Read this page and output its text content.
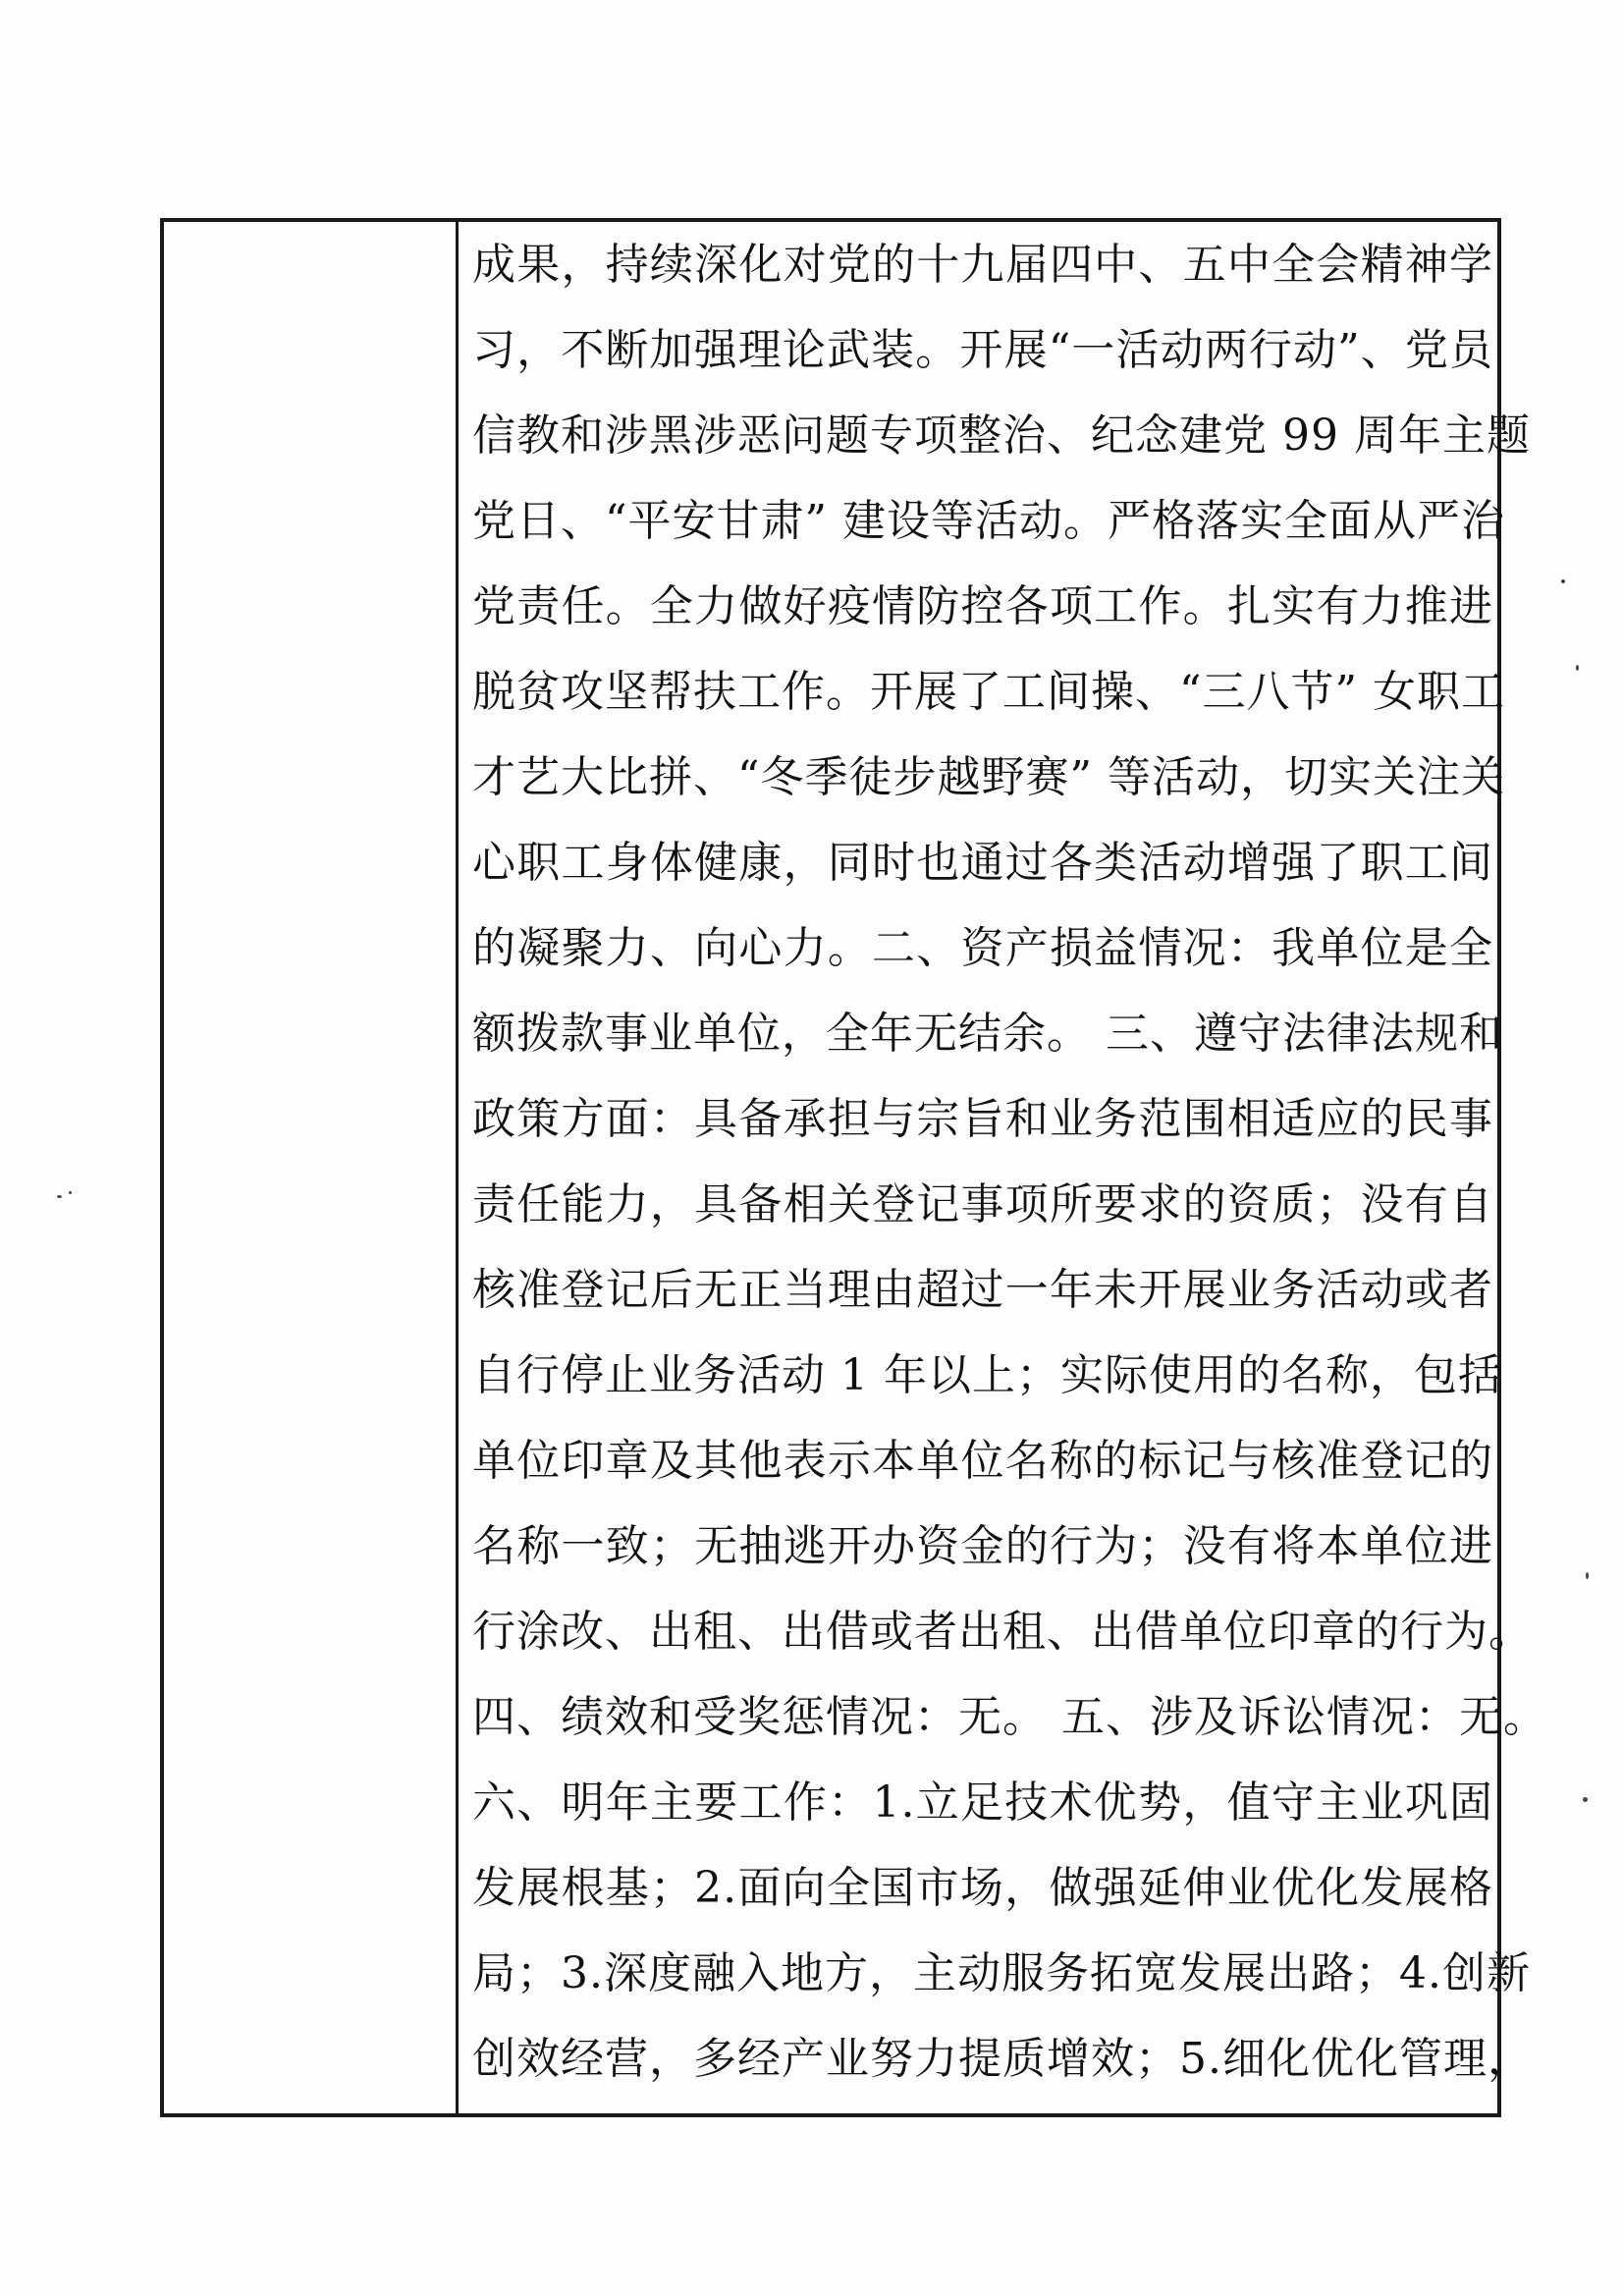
成果，持续深化对党的十九届四中、五中全会精神学
习，不断加强理论武装。开展“一活动两行动”、党员
信教和涉黑涉恶问题专项整治、纪念建党 99 周年主题
党日、“平安甘肃” 建设等活动。严格落实全面从严治
党责任。全力做好疫情防控各项工作。扎实有力推进
脱贫攻坚帮扶工作。开展了工间操、“三八节” 女职工
才艺大比拼、“冬季徒步越野赛” 等活动，切实关注关
心职工身体健康，同时也通过各类活动增强了职工间
的凝聚力、向心力。二、资产损益情况：我单位是全
额拨款事业单位，全年无结余。 三、遵守法律法规和
政策方面：具备承担与宗旨和业务范围相适应的民事
责任能力，具备相关登记事项所要求的资质；没有自
核准登记后无正当理由超过一年未开展业务活动或者
自行停止业务活动 1 年以上；实际使用的名称，包括
单位印章及其他表示本单位名称的标记与核准登记的
名称一致；无抽逃开办资金的行为；没有将本单位进
行涂改、出租、出借或者出租、出借单位印章的行为。
四、绩效和受奖惩情况：无。 五、涉及诉讼情况：无。
六、明年主要工作：1.立足技术优势，值守主业巩固
发展根基；2.面向全国市场，做强延伸业优化发展格
局；3.深度融入地方，主动服务拓宽发展出路；4.创新
创效经营，多经产业努力提质增效；5.细化优化管理，
